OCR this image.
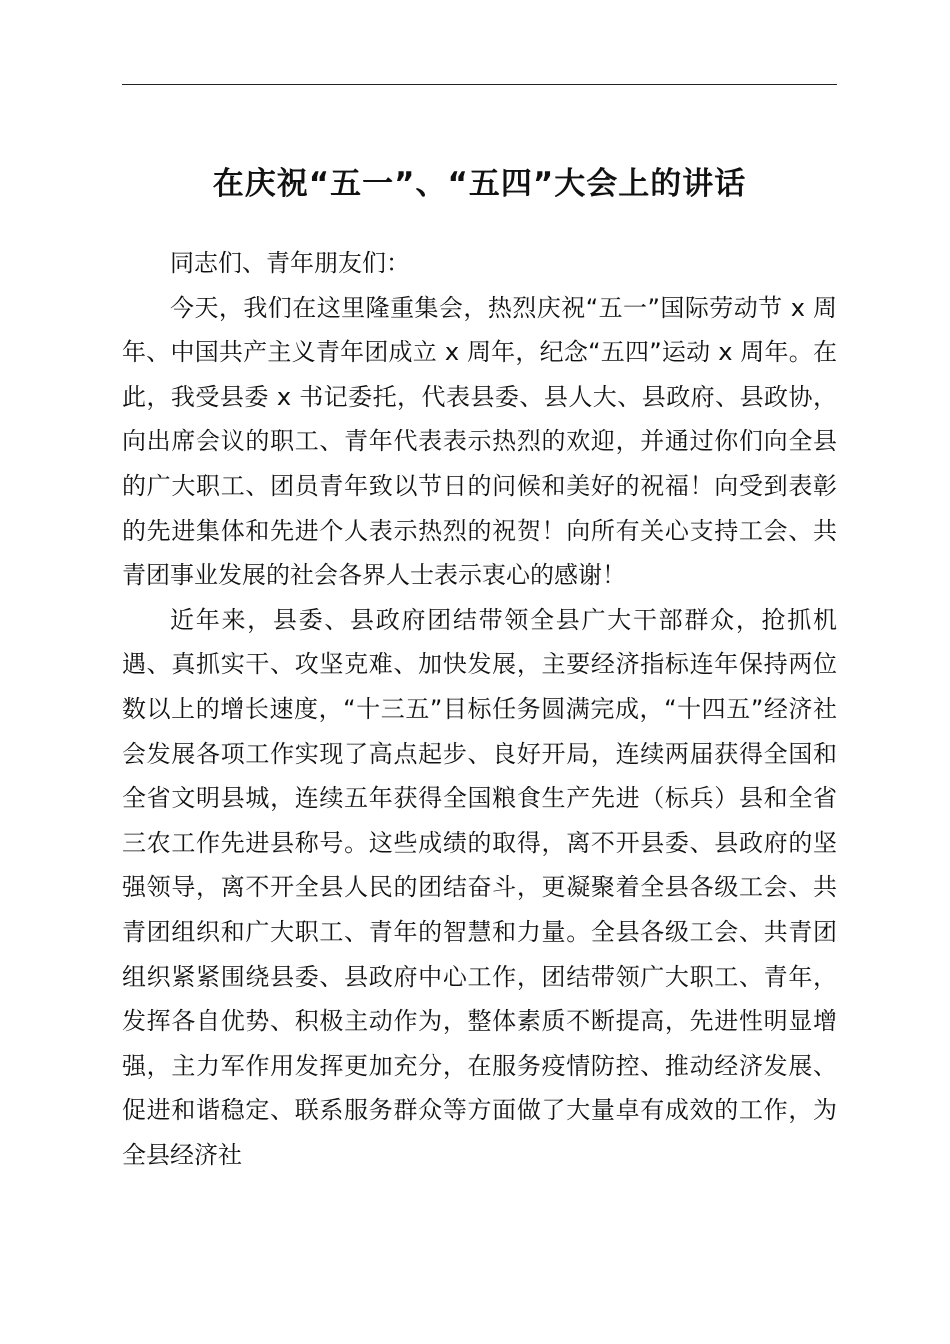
在庆祝“五一”、“五四”大会上的讲话

同志们、青年朋友们：

今天，我们在这里隆重集会，热烈庆祝“五一”国际劳动节 x 周年、中国共产主义青年团成立 x 周年，纪念“五四”运动 x 周年。在此，我受县委 x 书记委托，代表县委、县人大、县政府、县政协，向出席会议的职工、青年代表表示热烈的欢迎，并通过你们向全县的广大职工、团员青年致以节日的问候和美好的祝福！向受到表彰的先进集体和先进个人表示热烈的祝贺！向所有关心支持工会、共青团事业发展的社会各界人士表示衷心的感谢！

近年来，县委、县政府团结带领全县广大干部群众，抢抓机遇、真抓实干、攻坚克难、加快发展，主要经济指标连年保持两位数以上的增长速度，“十三五”目标任务圆满完成，“十四五”经济社会发展各项工作实现了高点起步、良好开局，连续两届获得全国和全省文明县城，连续五年获得全国粮食生产先进（标兵）县和全省三农工作先进县称号。这些成绩的取得，离不开县委、县政府的坚强领导，离不开全县人民的团结奋斗，更凝聚着全县各级工会、共青团组织和广大职工、青年的智慧和力量。全县各级工会、共青团组织紧紧围绕县委、县政府中心工作，团结带领广大职工、青年，发挥各自优势、积极主动作为，整体素质不断提高，先进性明显增强，主力军作用发挥更加充分，在服务疫情防控、推动经济发展、促进和谐稳定、联系服务群众等方面做了大量卓有成效的工作，为全县经济社
